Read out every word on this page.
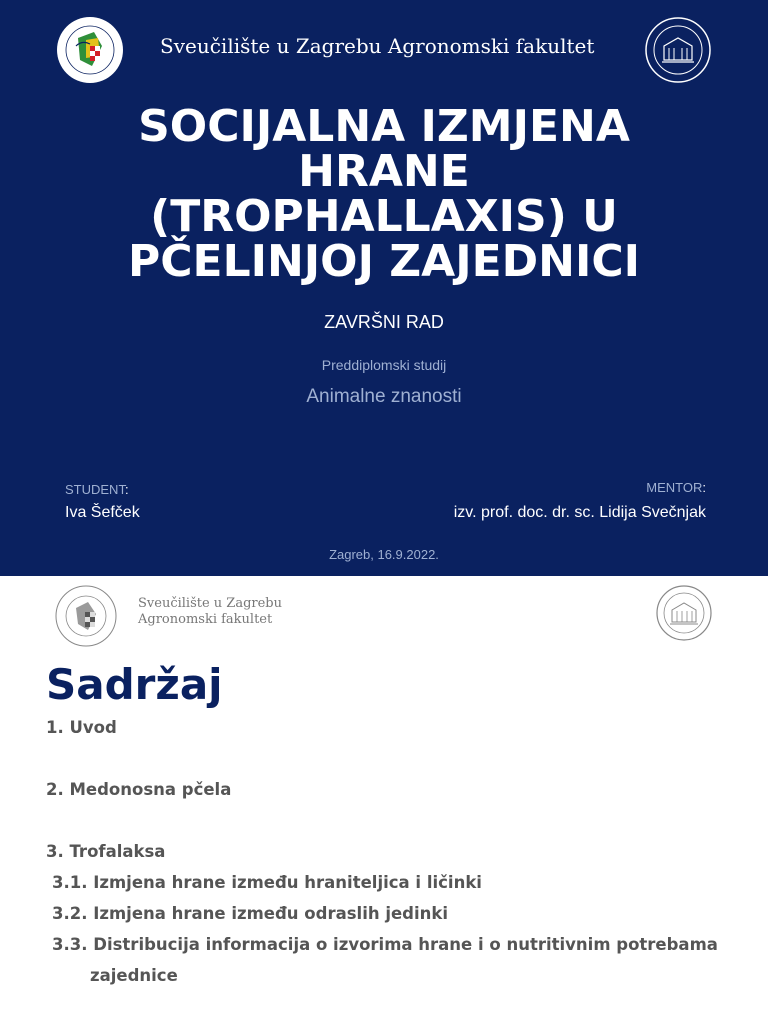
Sveučilište u Zagrebu Agronomski fakultet
SOCIJALNA IZMJENA
HRANE
(TROPHALLAXIS) U
PČELINJOJ ZAJEDNICI
ZAVRŠNI RAD
Preddiplomski studij
Animalne znanosti
STUDENT:
Iva Šefček
MENTOR:
izv. prof. doc. dr. sc. Lidija Svečnjak
Zagreb, 16.9.2022.
Sveučilište u Zagrebu
Agronomski fakultet
Sadržaj
1. Uvod
2. Medonosna pčela
3. Trofalaksa
3.1. Izmjena hrane između hraniteljica i ličinki
3.2. Izmjena hrane između odraslih jedinki
3.3. Distribucija informacija o izvorima hrane i o nutritivnim potrebama
zajednice
